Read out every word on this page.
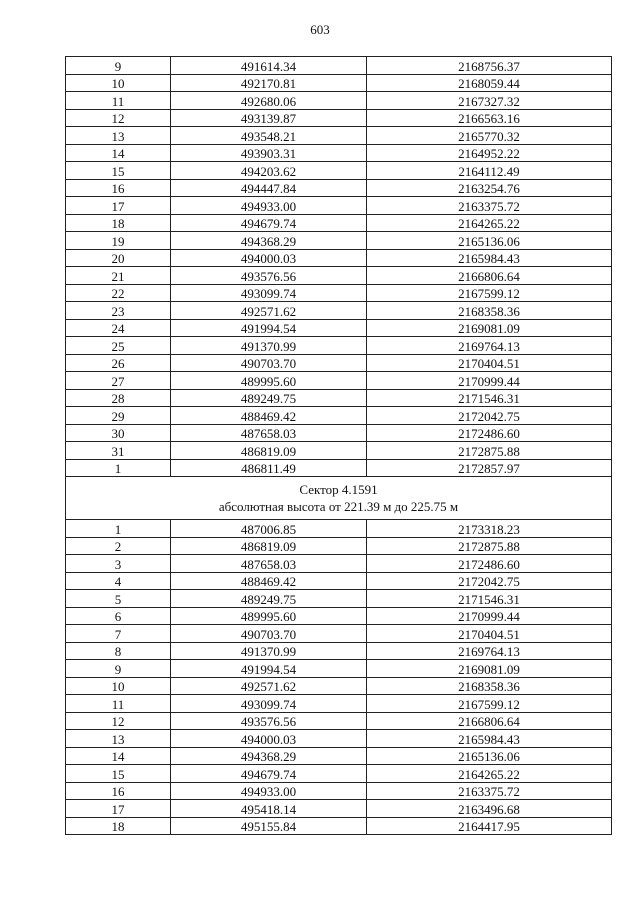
603
9	491614.34	2168756.37
10	492170.81	2168059.44
11	492680.06	2167327.32
12	493139.87	2166563.16
13	493548.21	2165770.32
14	493903.31	2164952.22
15	494203.62	2164112.49
16	494447.84	2163254.76
17	494933.00	2163375.72
18	494679.74	2164265.22
19	494368.29	2165136.06
20	494000.03	2165984.43
21	493576.56	2166806.64
22	493099.74	2167599.12
23	492571.62	2168358.36
24	491994.54	2169081.09
25	491370.99	2169764.13
26	490703.70	2170404.51
27	489995.60	2170999.44
28	489249.75	2171546.31
29	488469.42	2172042.75
30	487658.03	2172486.60
31	486819.09	2172875.88
1	486811.49	2172857.97

Сектор 4.1591
абсолютная высота от 221.39 м до 225.75 м		

1	487006.85	2173318.23
2	486819.09	2172875.88
3	487658.03	2172486.60
4	488469.42	2172042.75
5	489249.75	2171546.31
6	489995.60	2170999.44
7	490703.70	2170404.51
8	491370.99	2169764.13
9	491994.54	2169081.09
10	492571.62	2168358.36
11	493099.74	2167599.12
12	493576.56	2166806.64
13	494000.03	2165984.43
14	494368.29	2165136.06
15	494679.74	2164265.22
16	494933.00	2163375.72
17	495418.14	2163496.68
18	495155.84	2164417.95
